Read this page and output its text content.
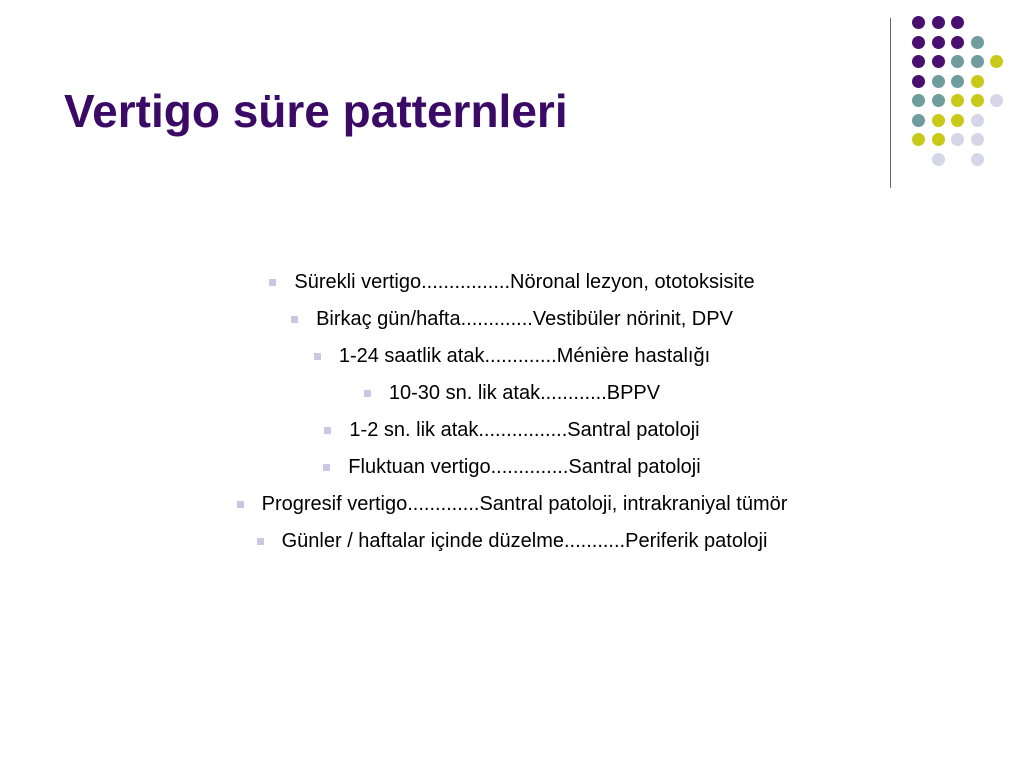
Vertigo süre patternleri
Sürekli vertigo................Nöronal lezyon, ototoksisite
Birkaç gün/hafta.............Vestibüler nörinit, DPV
1-24 saatlik atak.............Ménière hastalığı
10-30 sn. lik atak............BPPV
1-2 sn. lik atak................Santral patoloji
Fluktuan vertigo..............Santral patoloji
Progresif vertigo.............Santral patoloji, intrakraniyal tümör
Günler / haftalar içinde düzelme...........Periferik patoloji
